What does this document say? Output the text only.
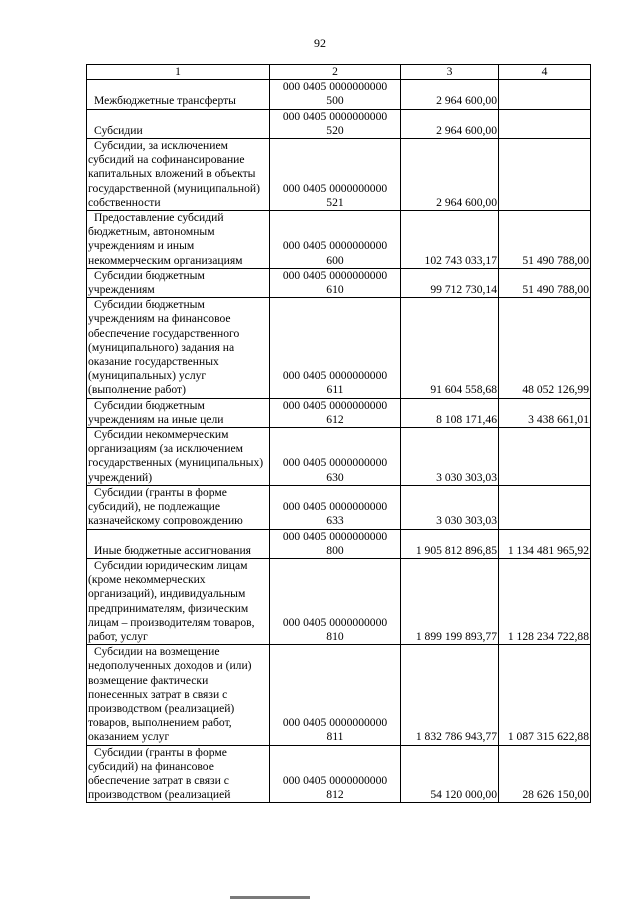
92
1	2	3	4

Межбюджетные трансферты	000 0405 0000000000
500	2 964 600,00	

Субсидии	000 0405 0000000000
520	2 964 600,00	

Субсидии, за исключением субсидий на софинансирование капитальных вложений в объекты государственной (муниципальной) собственности	000 0405 0000000000
521	2 964 600,00	

Предоставление субсидий бюджетным, автономным учреждениям и иным некоммерческим организациям	000 0405 0000000000
600	102 743 033,17	51 490 788,00

Субсидии бюджетным учреждениям	000 0405 0000000000
610	99 712 730,14	51 490 788,00

Субсидии бюджетным учреждениям на финансовое обеспечение государственного (муниципального) задания на оказание государственных (муниципальных) услуг (выполнение работ)	000 0405 0000000000
611	91 604 558,68	48 052 126,99

Субсидии бюджетным учреждениям на иные цели	000 0405 0000000000
612	8 108 171,46	3 438 661,01

Субсидии некоммерческим организациям (за исключением государственных (муниципальных) учреждений)	000 0405 0000000000
630	3 030 303,03	

Субсидии (гранты в форме субсидий), не подлежащие казначейскому сопровождению	000 0405 0000000000
633	3 030 303,03	

Иные бюджетные ассигнования	000 0405 0000000000
800	1 905 812 896,85	1 134 481 965,92

Субсидии юридическим лицам (кроме некоммерческих организаций), индивидуальным предпринимателям, физическим лицам – производителям товаров, работ, услуг	000 0405 0000000000
810	1 899 199 893,77	1 128 234 722,88

Субсидии на возмещение недополученных доходов и (или) возмещение фактически понесенных затрат в связи с производством (реализацией) товаров, выполнением работ, оказанием услуг	000 0405 0000000000
811	1 832 786 943,77	1 087 315 622,88

Субсидии (гранты в форме субсидий) на финансовое обеспечение затрат в связи с производством (реализацией	000 0405 0000000000
812	54 120 000,00	28 626 150,00
